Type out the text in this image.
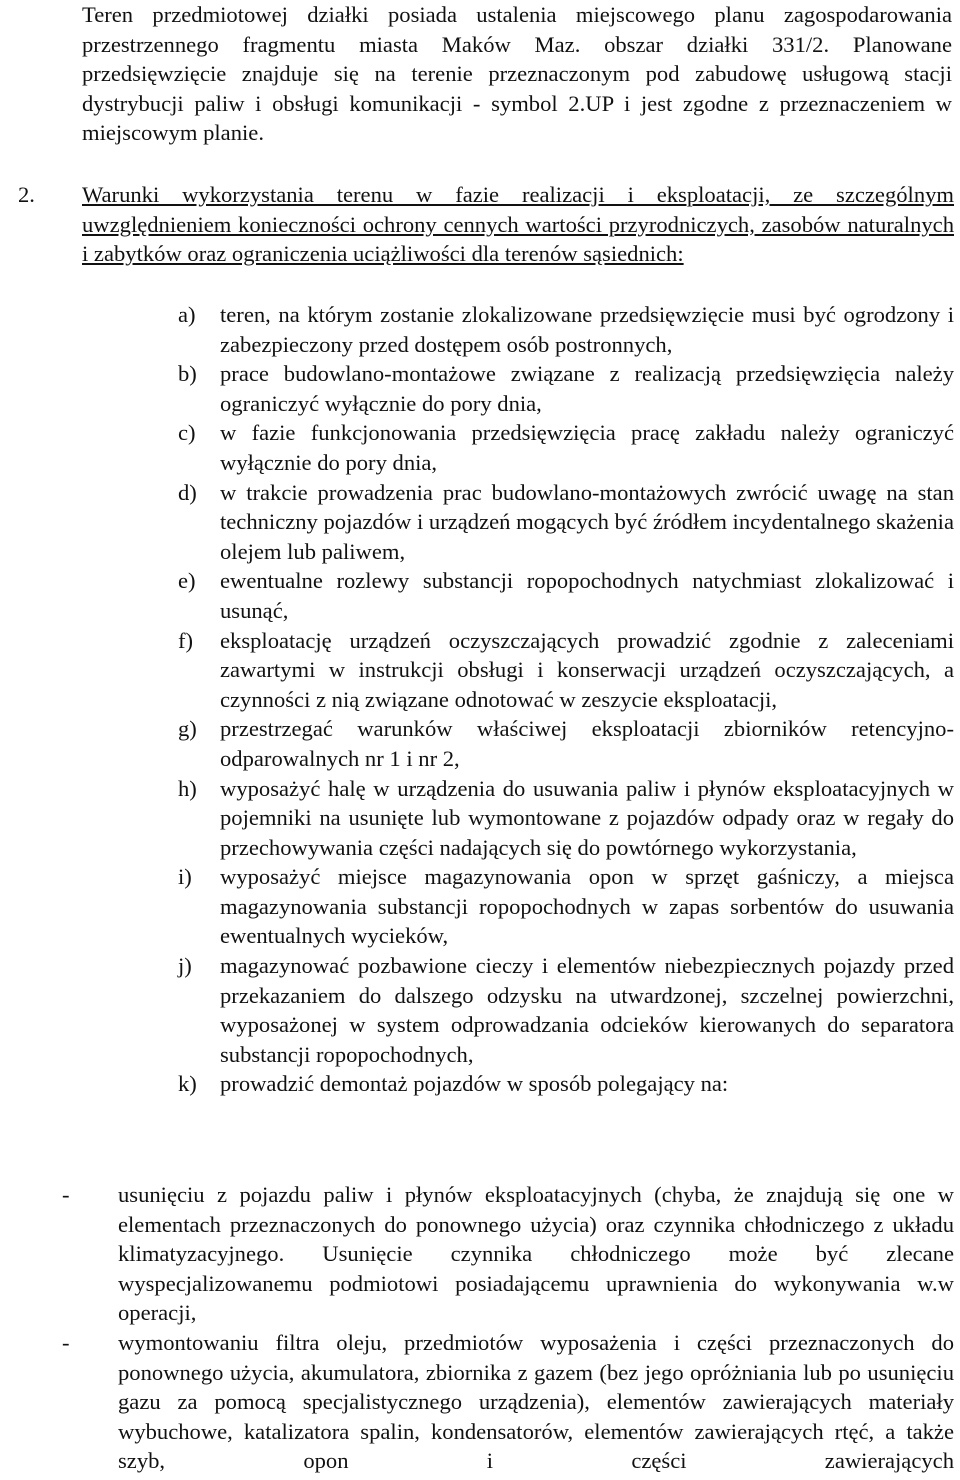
Teren przedmiotowej działki posiada ustalenia miejscowego planu zagospodarowania przestrzennego fragmentu miasta Maków Maz. obszar działki 331/2. Planowane przedsięwzięcie znajduje się na terenie przeznaczonym pod zabudowę usługową stacji dystrybucji paliw i obsługi komunikacji - symbol 2.UP i jest zgodne z przeznaczeniem w miejscowym planie.

2. Warunki wykorzystania terenu w fazie realizacji i eksploatacji, ze szczególnym uwzględnieniem konieczności ochrony cennych wartości przyrodniczych, zasobów naturalnych i zabytków oraz ograniczenia uciążliwości dla terenów sąsiednich:

a) teren, na którym zostanie zlokalizowane przedsięwzięcie musi być ogrodzony i zabezpieczony przed dostępem osób postronnych,
b) prace budowlano-montażowe związane z realizacją przedsięwzięcia należy ograniczyć wyłącznie do pory dnia,
c) w fazie funkcjonowania przedsięwzięcia pracę zakładu należy ograniczyć wyłącznie do pory dnia,
d) w trakcie prowadzenia prac budowlano-montażowych zwrócić uwagę na stan techniczny pojazdów i urządzeń mogących być źródłem incydentalnego skażenia olejem lub paliwem,
e) ewentualne rozlewy substancji ropopochodnych natychmiast zlokalizować i usunąć,
f) eksploatację urządzeń oczyszczających prowadzić zgodnie z zaleceniami zawartymi w instrukcji obsługi i konserwacji urządzeń oczyszczających, a czynności z nią związane odnotować w zeszycie eksploatacji,
g) przestrzegać warunków właściwej eksploatacji zbiorników retencyjno-odparowalnych nr 1 i nr 2,
h) wyposażyć halę w urządzenia do usuwania paliw i płynów eksploatacyjnych w pojemniki na usunięte lub wymontowane z pojazdów odpady oraz w regały do przechowywania części nadających się do powtórnego wykorzystania,
i) wyposażyć miejsce magazynowania opon w sprzęt gaśniczy, a miejsca magazynowania substancji ropopochodnych w zapas sorbentów do usuwania ewentualnych wycieków,
j) magazynować pozbawione cieczy i elementów niebezpiecznych pojazdy przed przekazaniem do dalszego odzysku na utwardzonej, szczelnej powierzchni, wyposażonej w system odprowadzania odcieków kierowanych do separatora substancji ropopochodnych,
k) prowadzić demontaż pojazdów w sposób polegający na:
- usunięciu z pojazdu paliw i płynów eksploatacyjnych (chyba, że znajdują się one w elementach przeznaczonych do ponownego użycia) oraz czynnika chłodniczego z układu klimatyzacyjnego. Usunięcie czynnika chłodniczego może być zlecane wyspecjalizowanemu podmiotowi posiadającemu uprawnienia do wykonywania w.w operacji,
- wymontowaniu filtra oleju, przedmiotów wyposażenia i części przeznaczonych do ponownego użycia, akumulatora, zbiornika z gazem (bez jego opróżniania lub po usunięciu gazu za pomocą specjalistycznego urządzenia), elementów zawierających materiały wybuchowe, katalizatora spalin, kondensatorów, elementów zawierających rtęć, a także szyb, opon i części zawierających
